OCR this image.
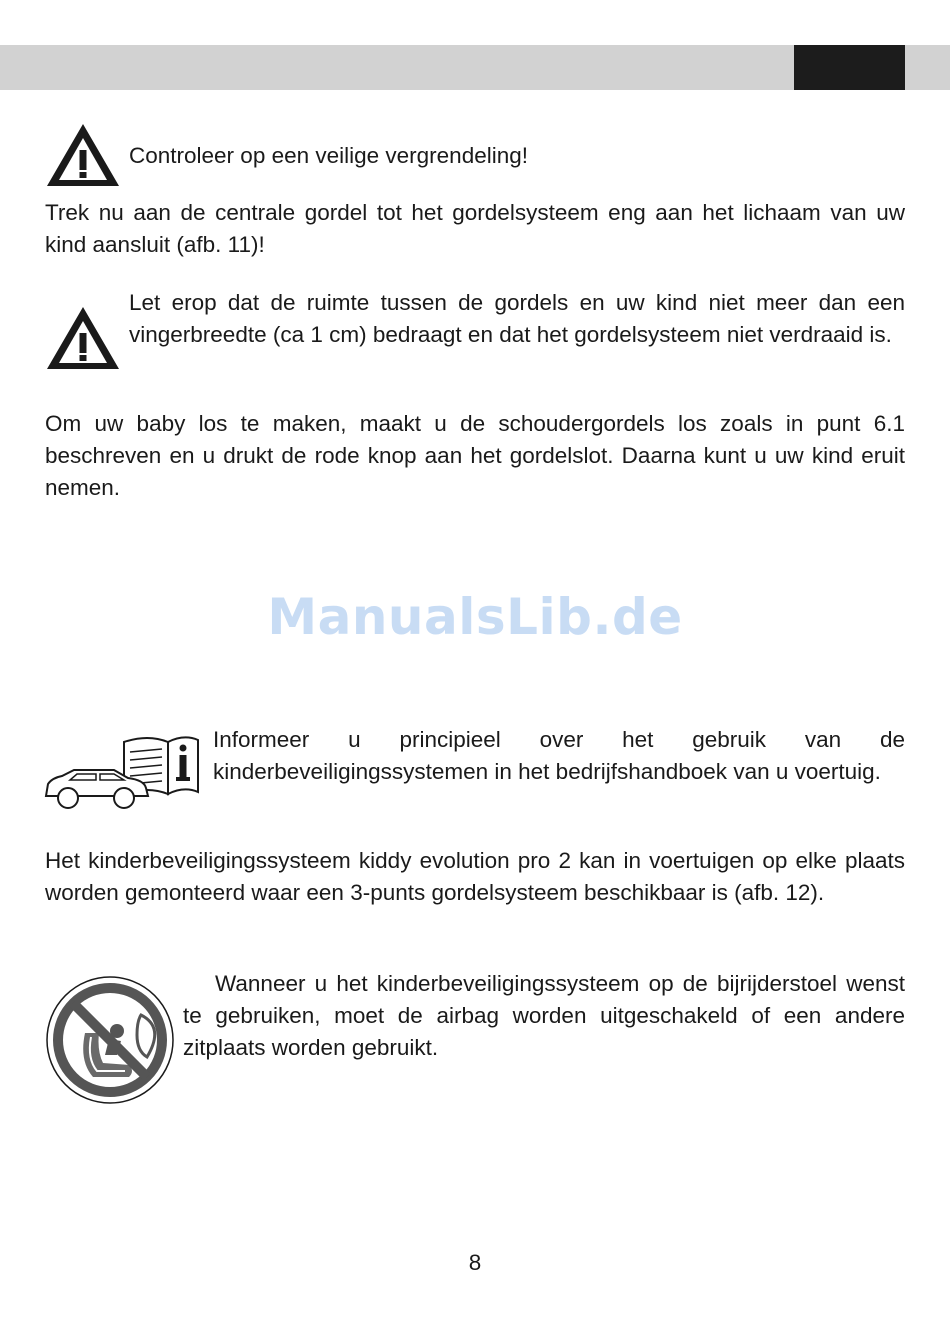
Controleer op een veilige vergrendeling!

Trek nu aan de centrale gordel tot het gordelsysteem eng aan het lichaam van uw kind aansluit (afb. 11)!

Let erop dat de ruimte tussen de gordels en uw kind niet meer dan een vingerbreedte (ca 1 cm) bedraagt en dat het gordelsysteem niet verdraaid is.

Om uw baby los te maken, maakt u de schoudergordels los zoals in punt 6.1 beschreven en u drukt de rode knop aan het gordelslot. Daarna kunt u uw kind eruit nemen.

ManualsLib.de

Informeer u principieel over het gebruik van de kinderbeveiligingssystemen in het bedrijfshandboek van u voertuig.

Het kinderbeveiligingssysteem kiddy evolution pro 2 kan in voertuigen op elke plaats worden gemonteerd waar een 3-punts gordelsysteem beschikbaar is (afb. 12).

Wanneer u het kinderbeveiligingssysteem op de bijrijderstoel wenst te gebruiken, moet de airbag worden uitgeschakeld of een andere zitplaats worden gebruikt.

8
